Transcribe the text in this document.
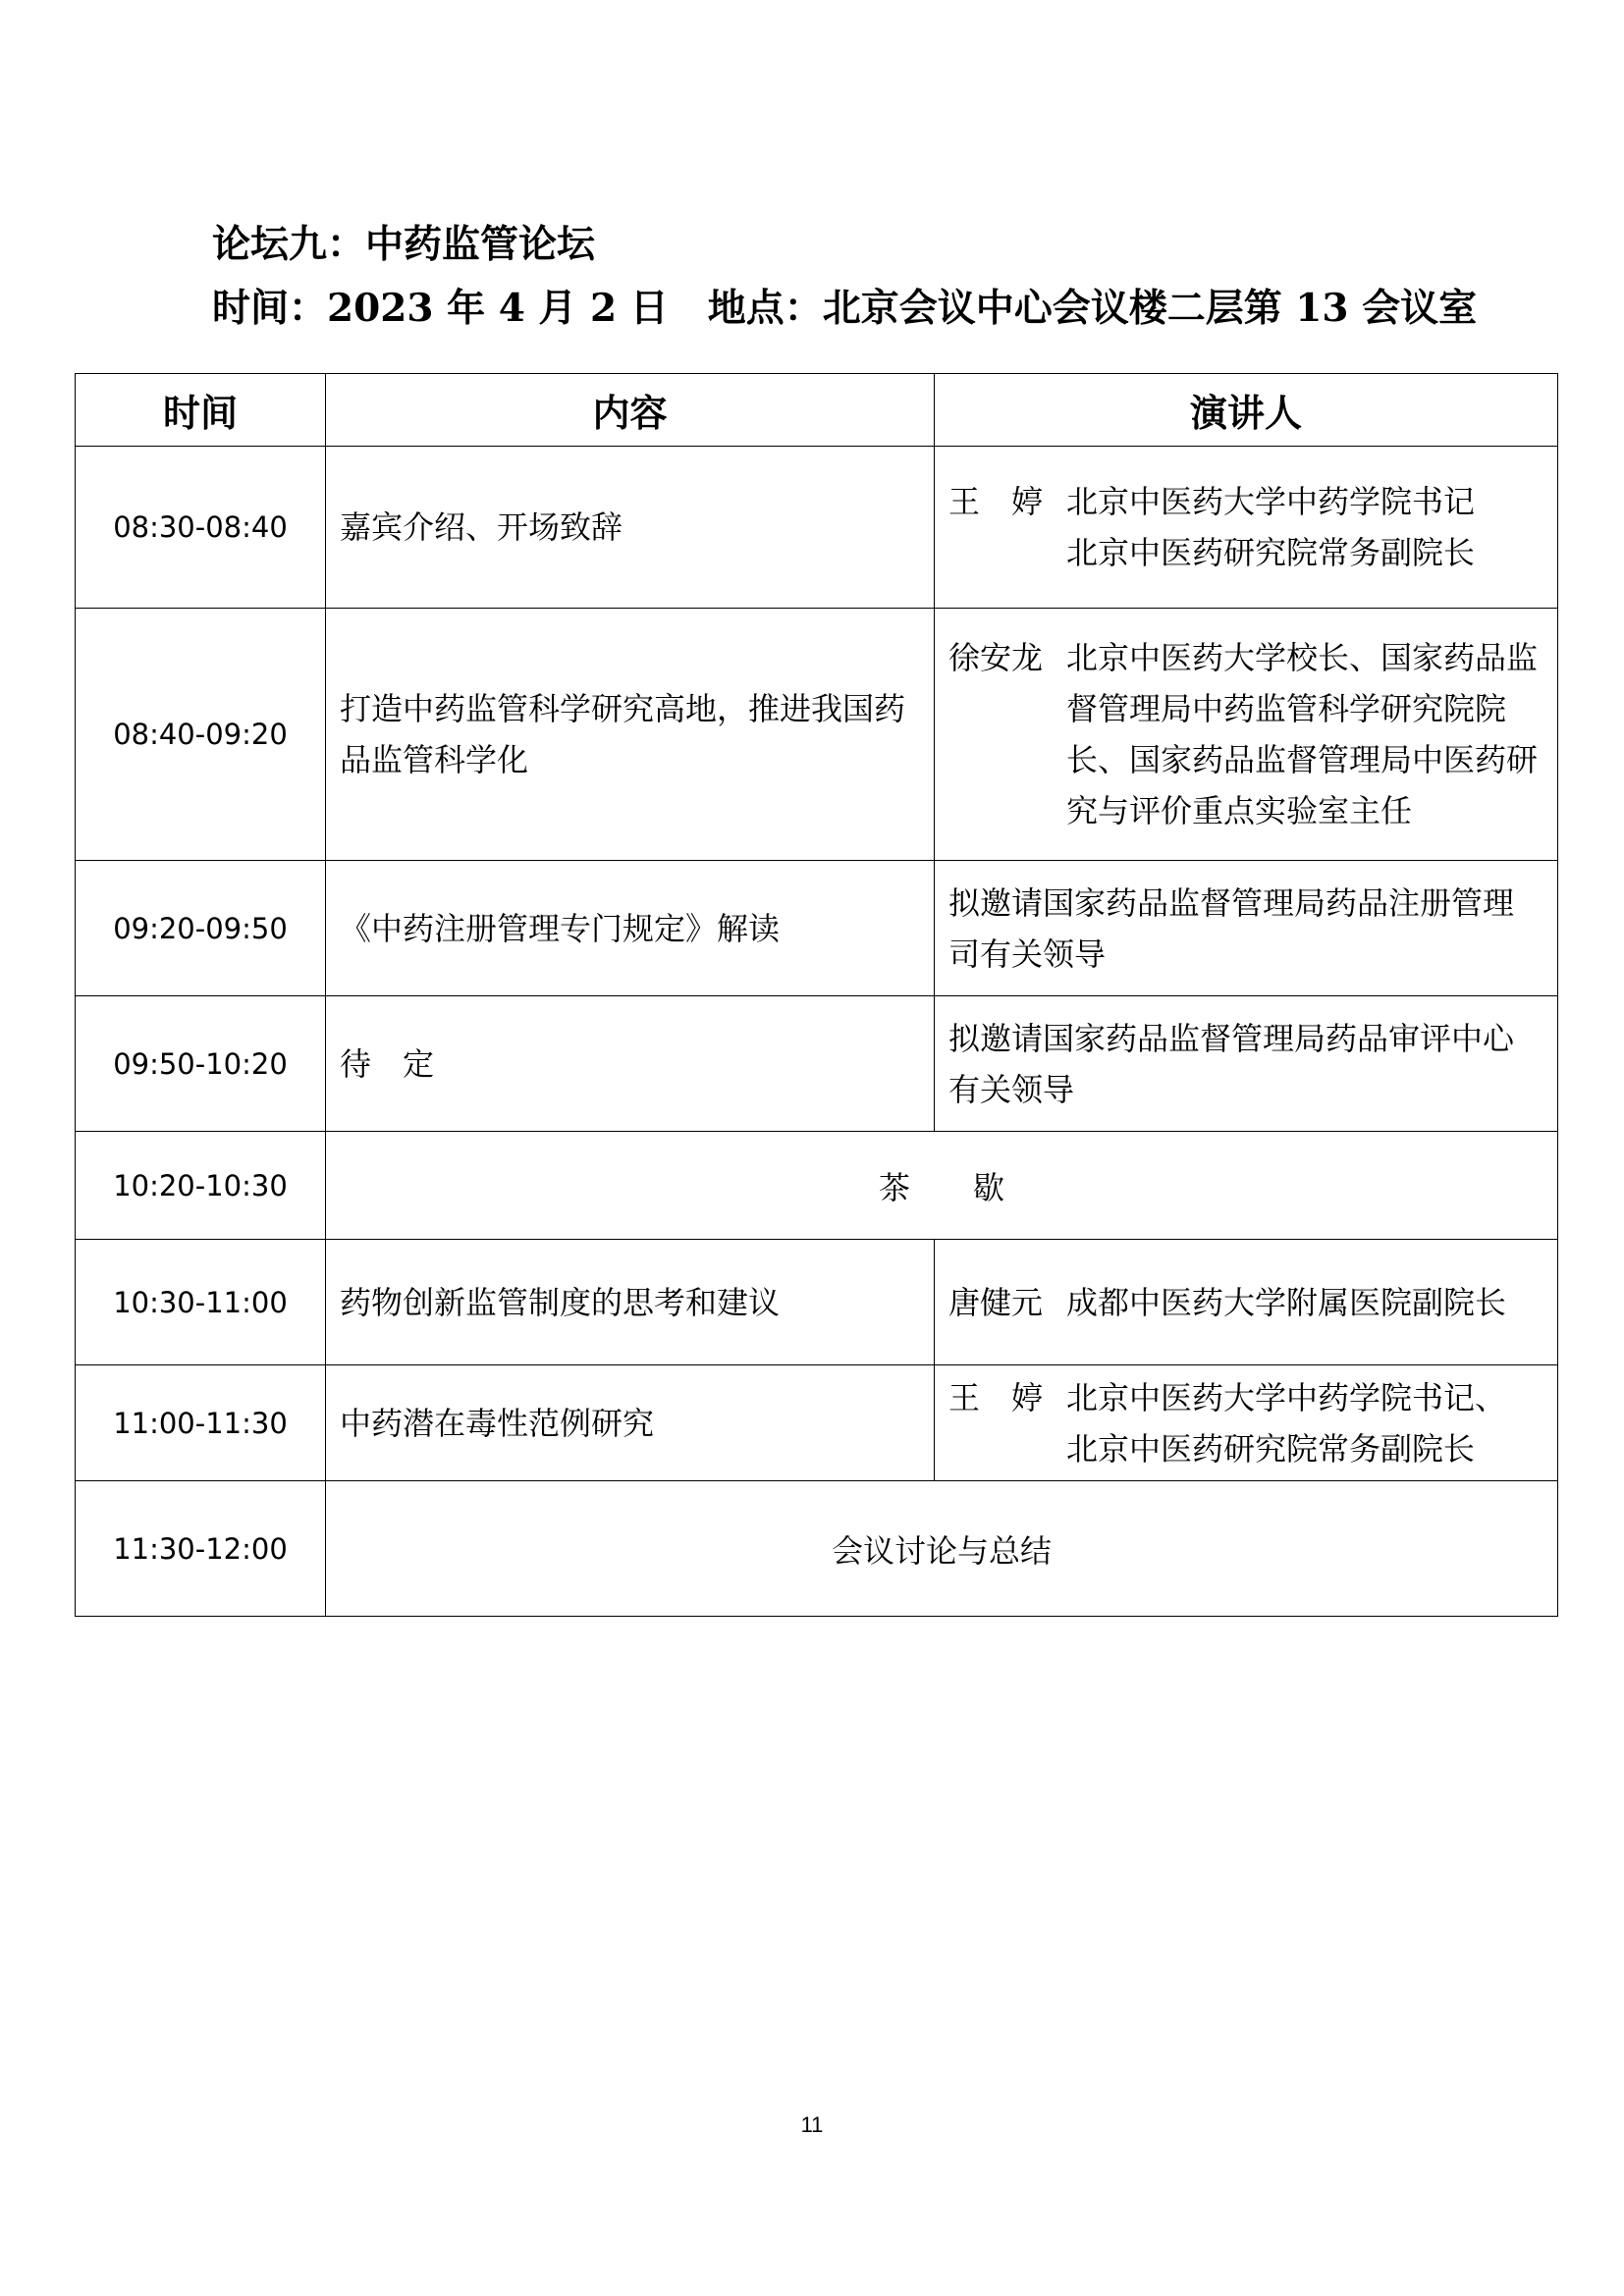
论坛九：中药监管论坛
时间：2023 年 4 月 2 日 地点：北京会议中心会议楼二层第 13 会议室
时间	内容	演讲人
08:30-08:40	嘉宾介绍、开场致辞	王　婷 北京中医药大学中药学院书记
北京中医药研究院常务副院长

08:40-09:20	打造中药监管科学研究高地，推进我国药品监管科学化	徐安龙 北京中医药大学校长、国家药品监督管理局中药监管科学研究院院长、国家药品监督管理局中医药研究与评价重点实验室主任

09:20-09:50	《中药注册管理专门规定》解读	拟邀请国家药品监督管理局药品注册管理司有关领导

09:50-10:20	待　定	拟邀请国家药品监督管理局药品审评中心有关领导

10:20-10:30	茶　　歇	
10:30-11:00	药物创新监管制度的思考和建议	唐健元 成都中医药大学附属医院副院长

11:00-11:30	中药潜在毒性范例研究	王　婷 北京中医药大学中药学院书记、
北京中医药研究院常务副院长

11:30-12:00	会议讨论与总结	
11
